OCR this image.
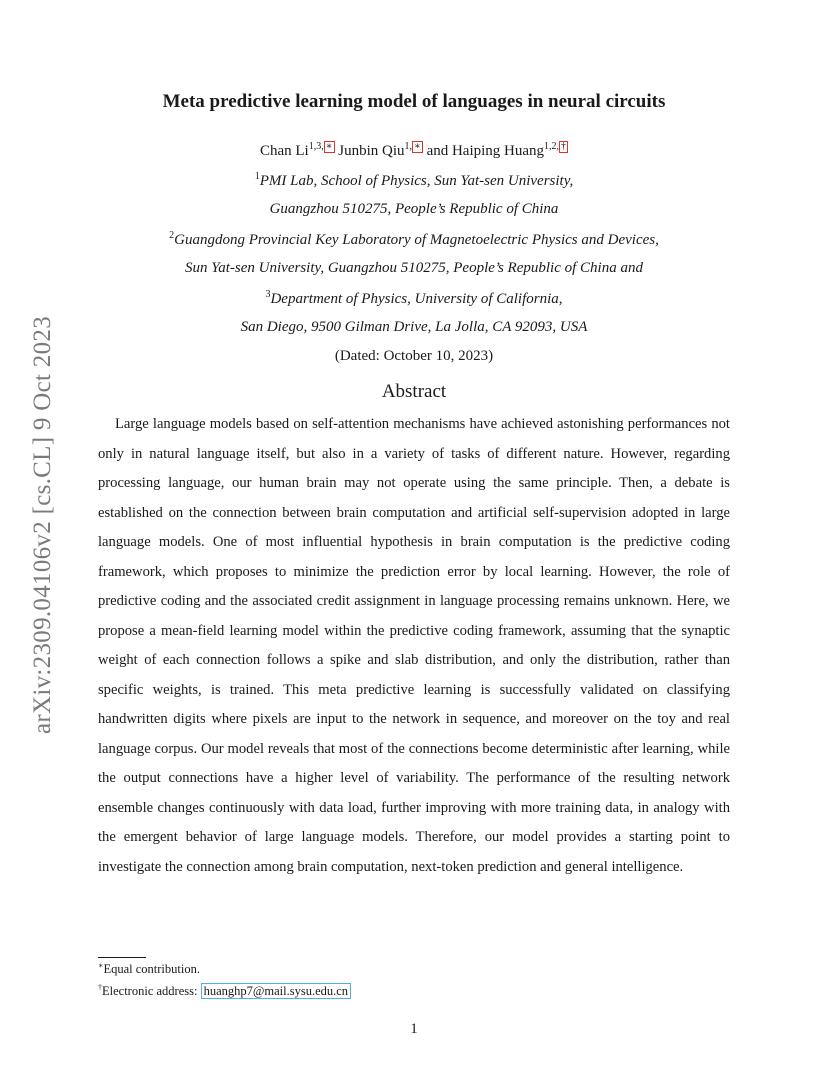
arXiv:2309.04106v2 [cs.CL] 9 Oct 2023
Meta predictive learning model of languages in neural circuits
Chan $Li^{1,3,}$ ∗ Junbin Qiu$^{1,}$ ∗ and Haiping Huang$^{1,2,}$ †
$^1$PMI Lab, School of Physics, Sun Yat-sen University,
Guangzhou 510275, People’s Republic of China
$^2$Guangdong Provincial Key Laboratory of Magnetoelectric Physics and Devices,
Sun Yat-sen University, Guangzhou 510275, People’s Republic of China and
$^3$Department of Physics, University of California,
San Diego, 9500 Gilman Drive, La Jolla, CA 92093, USA
(Dated: October 10, 2023)
Abstract

Large language models based on self-attention mechanisms have achieved astonishing performances not only in natural language itself, but also in a variety of tasks of different nature. However, regarding processing language, our human brain may not operate using the same principle. Then, a debate is established on the connection between brain computation and artificial self-supervision adopted in large language models. One of most influential hypothesis in brain computation is the predictive coding framework, which proposes to minimize the prediction error by local learning. However, the role of predictive coding and the associated credit assignment in language processing remains unknown. Here, we propose a mean-field learning model within the predictive coding framework, assuming that the synaptic weight of each connection follows a spike and slab distribution, and only the distribution, rather than specific weights, is trained. This meta predictive learning is successfully validated on classifying handwritten digits where pixels are input to the network in sequence, and moreover on the toy and real language corpus. Our model reveals that most of the connections become deterministic after learning, while the output connections have a higher level of variability. The performance of the resulting network ensemble changes continuously with data load, further improving with more training data, in analogy with the emergent behavior of large language models. Therefore, our model provides a starting point to investigate the connection among brain computation, next-token prediction and general intelligence.

∗Equal contribution.
†Electronic address: huanghp7@mail.sysu.edu.cn
1
